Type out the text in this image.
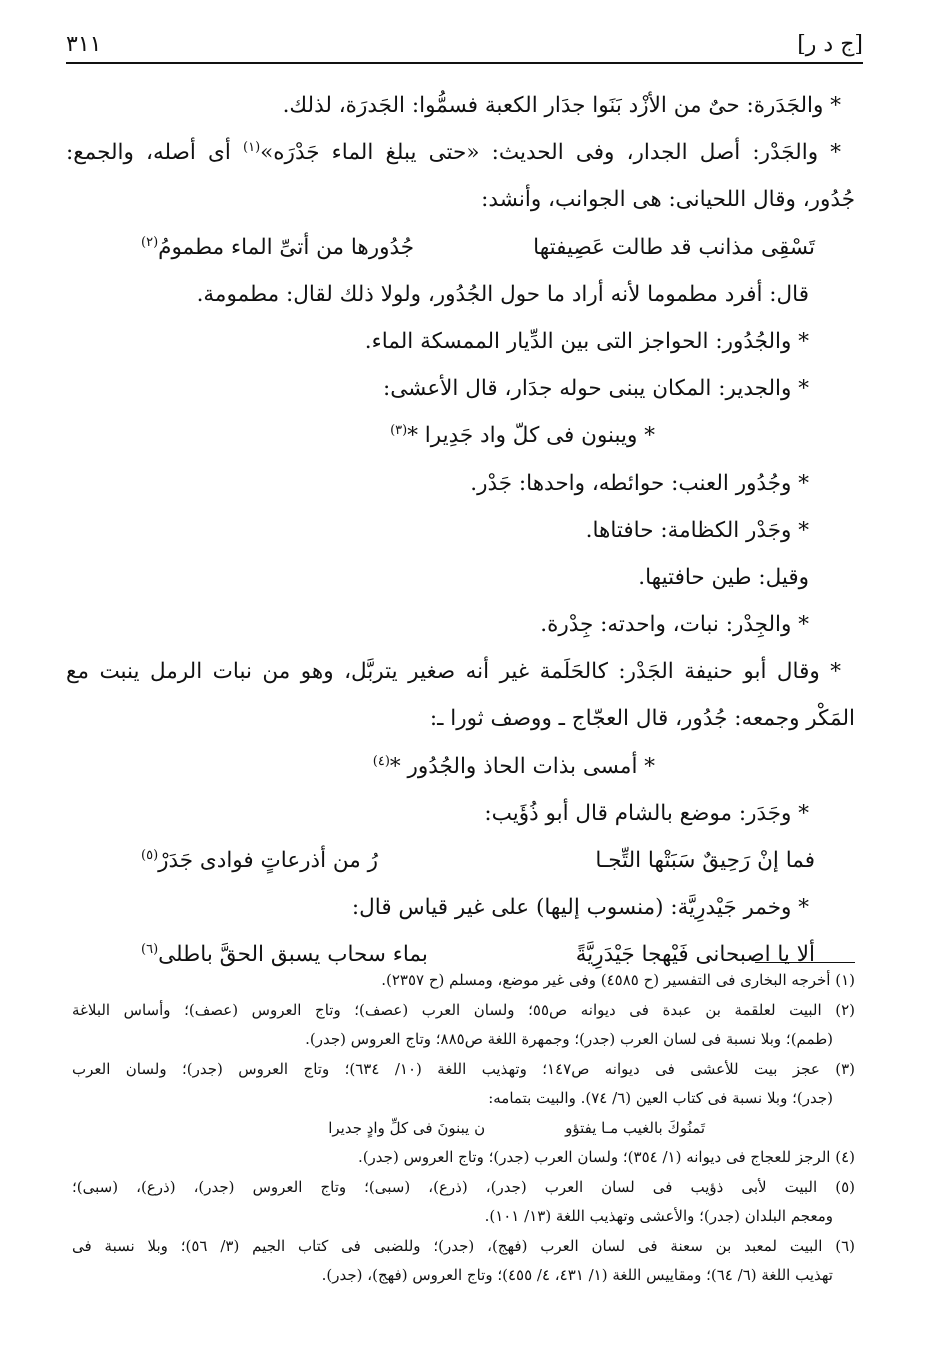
[ج د ر]
٣١١
* والجَدَرة: حىٌ من الأزْد بَنَوا جدَار الكعبة فسمُّوا: الجَدرَة، لذلك.
* والجَدْر: أصل الجدار، وفى الحديث: «حتى يبلغ الماء جَدْرَه»$^{(١)}$ أى أصله، والجمع:
جُدُور، وقال اللحيانى: هى الجوانب، وأنشد:
تَسْقِى مذانب قد طالت عَصِيفتها
جُدُورها من أتىِّ الماء مطمومُ$^{(٢)}$
قال: أفرد مطموما لأنه أراد ما حول الجُدُور، ولولا ذلك لقال: مطمومة.
* والجُدُور: الحواجز التى بين الدِّيار الممسكة الماء.
* والجدير: المكان يبنى حوله جدَار، قال الأعشى:
* ويبنون فى كلّ واد جَدِيرا *$^{(٣)}$
* وجُدُور العنب: حوائطه، واحدها: جَدْر.
* وجَدْر الكظامة: حافتاها.
وقيل: طين حافتيها.
* والجِدْر: نبات، واحدته: جِدْرة.
* وقال أبو حنيفة الجَدْر: كالحَلَمة غير أنه صغير يتربَّل، وهو من نبات الرمل ينبت مع
المَكْر وجمعه: جُدُور، قال العجّاج ـ ووصف ثورا ـ:
* أمسى بذات الحاذ والجُدُور *$^{(٤)}$
* وجَدَر: موضع بالشام قال أبو ذُؤَيب:
فما إنْ رَحِيقٌ سَبَتْها التِّجـا
رُ من أذرعاتٍ فوادى جَدَرْ$^{(٥)}$
* وخمر جَيْدرِيَّة: (منسوب إليها) على غير قياس قال:
ألا يا اصبحانى فَيْهجا جَيْدَرِيَّةً
بماء سحاب يسبق الحقَّ باطلى$^{(٦)}$
(١) أخرجه البخارى فى التفسير (ح ٤٥٨٥) وفى غير موضع، ومسلم (ح ٢٣٥٧).
(٢) البيت لعلقمة بن عبدة فى ديوانه ص٥٥؛ ولسان العرب (عصف)؛ وتاج العروس (عصف)؛ وأساس البلاغة
(طمم)؛ وبلا نسبة فى لسان العرب (جدر)؛ وجمهرة اللغة ص٨٨٥؛ وتاج العروس (جدر).
(٣) عجز بيت للأعشى فى ديوانه ص١٤٧؛ وتهذيب اللغة (١٠/ ٦٣٤)؛ وتاج العروس (جدر)؛ ولسان العرب
(جدر)؛ وبلا نسبة فى كتاب العين (٦/ ٧٤). والبيت بتمامه:
تَمنُوكَ بالغيب مـا يفتؤو
ن يبنونَ فى كلِّ وادٍ جديرا
(٤) الرجز للعجاج فى ديوانه (١/ ٣٥٤)؛ ولسان العرب (جدر)؛ وتاج العروس (جدر).
(٥) البيت لأبى ذؤيب فى لسان العرب (جدر)، (ذرع)، (سبى)؛ وتاج العروس (جدر)، (ذرع)، (سبى)؛
ومعجم البلدان (جدر)؛ والأعشى وتهذيب اللغة (١٣/ ١٠١).
(٦) البيت لمعبد بن سعنة فى لسان العرب (فهج)، (جدر)؛ وللضبى فى كتاب الجيم (٣/ ٥٦)؛ وبلا نسبة فى
تهذيب اللغة (٦/ ٦٤)؛ ومقاييس اللغة (١/ ٤٣١، ٤/ ٤٥٥)؛ وتاج العروس (فهج)، (جدر).
